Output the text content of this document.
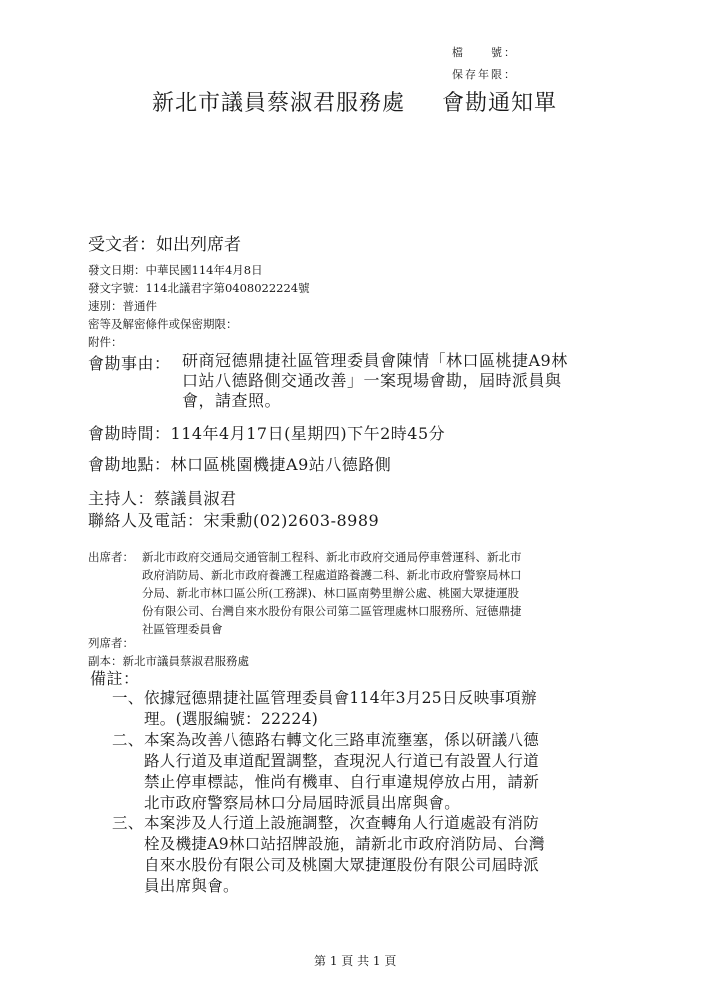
檔　　號：
保存年限：
新北市議員蔡淑君服務處 會勘通知單
受文者：如出列席者
發文日期：中華民國114年4月8日
發文字號：114北議君字第0408022224號
速別：普通件
密等及解密條件或保密期限：
附件：
會勘事由： 研商冠德鼎捷社區管理委員會陳情「林口區桃捷A9林
口站八德路側交通改善」一案現場會勘，屆時派員與
會，請查照。
會勘時間：114年4月17日(星期四)下午2時45分
會勘地點：林口區桃園機捷A9站八德路側
主持人：蔡議員淑君
聯絡人及電話：宋秉勳(02)2603-8989
出席者： 新北市政府交通局交通管制工程科、新北市政府交通局停車營運科、新北市
政府消防局、新北市政府養護工程處道路養護二科、新北市政府警察局林口
分局、新北市林口區公所(工務課)、林口區南勢里辦公處、桃園大眾捷運股
份有限公司、台灣自來水股份有限公司第二區管理處林口服務所、冠德鼎捷
社區管理委員會
列席者：
副本：新北市議員蔡淑君服務處
備註：
一、 依據冠德鼎捷社區管理委員會114年3月25日反映事項辦
理。(選服編號：22224)
二、 本案為改善八德路右轉文化三路車流壅塞，係以研議八德
路人行道及車道配置調整，查現況人行道已有設置人行道
禁止停車標誌，惟尚有機車、自行車違規停放占用，請新
北市政府警察局林口分局屆時派員出席與會。
三、 本案涉及人行道上設施調整，次查轉角人行道處設有消防
栓及機捷A9林口站招牌設施，請新北市政府消防局、台灣
自來水股份有限公司及桃園大眾捷運股份有限公司屆時派
員出席與會。
第 1 頁 共 1 頁
